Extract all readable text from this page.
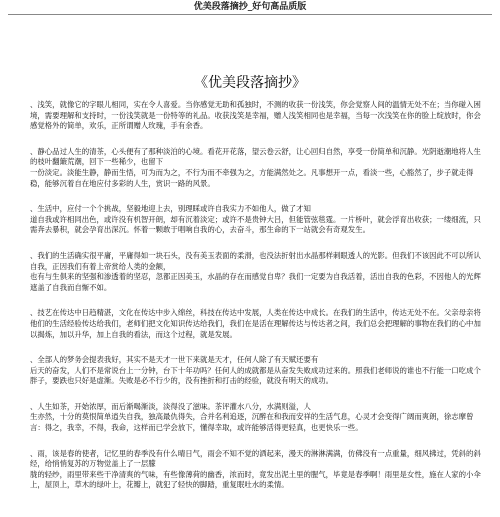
优美段落摘抄_好句高品质版
《优美段落摘抄》

、浅笑，就像它的字眼儿相同，实在令人喜爱。当你感觉无助和孤独时，不测的收获一份浅笑，你会觉察人间的温情无处不在；当你碰入困境，需要理解和支持时，一份浅笑就是一份特等的礼品。收获浅笑是幸福，赠人浅笑相同也是幸福，当每一次浅笑在你的脸上绽放时，你会感觉格外的简单，欢乐，正所谓赠人玫瑰，手有余香。

、静心品过人生的清茶，心头便有了那种淡泊的心境。看花开花落，望云卷云舒，让心回归自然，享受一份简单和沉静。光阴逝潮地将人生的枝叶翻簸荒潮，回下一些稀少，也留下
一份淡定。淡能生静，静而生悟，可为而为之，不行为而不牵强为之，方能满然处之。凡事想开一点，看淡一些，心豁然了，步子就走得稳，能够沉着自在地应付多彩的人生，赏识一路的风景。

、生活中，应付一个个挑战，坚毅地迎上去，别理睬或许自我实力不如他人，做了才知
道自我或许相同出色，或许没有机智开朗，却有沉着淡定；或许不是贵钟大吕，但能管弦毯霆。一片桥叶，就会浮育出收获；一缕细流，只需奔去暴积，就会孕育出深沉。怀着一颗敢于唱响自我的心，去奋斗，那生命的下一站就会有奇观发生。

、我们的生活确实很平庸，平庸得如一块石头，没有美玉表面的柔滑，也没法折射出水晶那样刺眼透人的光影。但我们不该因此不可以所认自我，正因我们有着上帝赏给人类的金额，
也有与生俱来的坚强和渗透着的坚忍，忽都正因美玉，水晶的存在而感觉自卑？我们一定要为自我活着，活出自我的色彩，不因他人的光辉遮盖了自我而自惭不如。

、技艺在传达中日趋精湛，文化在传达中步入绵丝，科技在传达中发展，人类在传达中成长。在我们的生活中，传达无处不在。父亲母亲将他们的生活经验传达给我们，老师们把文化知识传达给我们，我们在是活在理解传达与传达者之间，我们总会把理解的事物在我们的心中加以揭炼，加以升华，加上自我的看法，而这个过程，就是发展。

、全部人的梦务会提表我好，其实不是天才一世下来就是天才，任何人除了有天赋还要有
后天的奋发，人们不是常说台上一分钟，台下十年功吗？任何人的成就都是从奋发失败成功过来的。照我们老师说的谁也不行能一口吃成个胖子，要跌也只好是虚渐。失败是必不行少的，没有挫折和打击的经验，就没有明天的成功。

、人生如茶，开始浓厚，而后渐喝渐淡，淡得没了滋味。茶评灌水八分，水满则溢，人
生亦然，十分的莫恨简单逍失自我，独高最仇得失，合并名利追逐，沉醉在和我而安祥的生活气息，心灵才会变得广阔而爽朗，徐志摩曾言：得之，我幸，不得，我命，这样而已学会放下，懂得幸取，或许能够活得更轻真，也更快乐一些。

、雨，该是春的使者，记忆里的春季没有什么晴日气，雨会不知不觉的洒起来，漫天的淋淋满满，仿佛没有一点重量，细风拂过，凭斜的斜经，给悄悄复苏的万物觉盖上了一层朦
胧的轻纱，雨里带来些干净清爽的气味，有些像薄荷的幽香，浓而时，竟发出泥土里的腥气，毕竟是春季啊！雨里是女性，施在人家的小伞上，屋顶上，草木的绿叶上，花瓣上，就犯了轻快的脚踏，重复眠吐水的柔情。
